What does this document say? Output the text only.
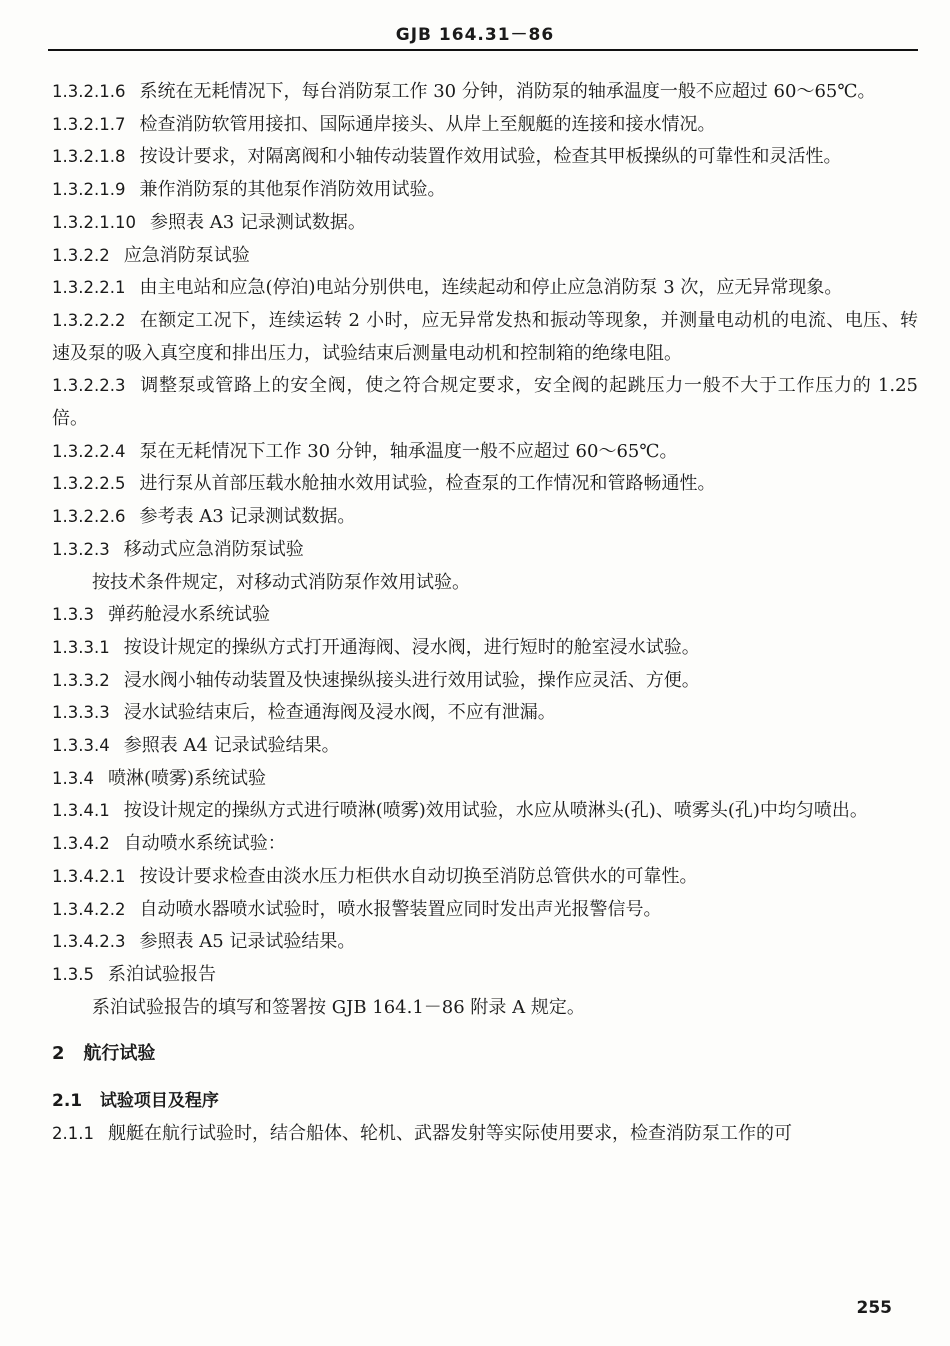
GJB 164.31－86

1.3.2.1.6 系统在无耗情况下，每台消防泵工作 30 分钟，消防泵的轴承温度一般不应超过 60～65℃。

1.3.2.1.7 检查消防软管用接扣、国际通岸接头、从岸上至舰艇的连接和接水情况。

1.3.2.1.8 按设计要求，对隔离阀和小轴传动装置作效用试验，检查其甲板操纵的可靠性和灵活性。

1.3.2.1.9 兼作消防泵的其他泵作消防效用试验。

1.3.2.1.10 参照表 A3 记录测试数据。

1.3.2.2 应急消防泵试验

1.3.2.2.1 由主电站和应急(停泊)电站分别供电，连续起动和停止应急消防泵 3 次，应无异常现象。

1.3.2.2.2 在额定工况下，连续运转 2 小时，应无异常发热和振动等现象，并测量电动机的电流、电压、转速及泵的吸入真空度和排出压力，试验结束后测量电动机和控制箱的绝缘电阻。

1.3.2.2.3 调整泵或管路上的安全阀，使之符合规定要求，安全阀的起跳压力一般不大于工作压力的 1.25 倍。

1.3.2.2.4 泵在无耗情况下工作 30 分钟，轴承温度一般不应超过 60～65℃。

1.3.2.2.5 进行泵从首部压载水舱抽水效用试验，检查泵的工作情况和管路畅通性。

1.3.2.2.6 参考表 A3 记录测试数据。

1.3.2.3 移动式应急消防泵试验

按技术条件规定，对移动式消防泵作效用试验。

1.3.3 弹药舱浸水系统试验

1.3.3.1 按设计规定的操纵方式打开通海阀、浸水阀，进行短时的舱室浸水试验。

1.3.3.2 浸水阀小轴传动装置及快速操纵接头进行效用试验，操作应灵活、方便。

1.3.3.3 浸水试验结束后，检查通海阀及浸水阀，不应有泄漏。

1.3.3.4 参照表 A4 记录试验结果。

1.3.4 喷淋(喷雾)系统试验

1.3.4.1 按设计规定的操纵方式进行喷淋(喷雾)效用试验，水应从喷淋头(孔)、喷雾头(孔)中均匀喷出。

1.3.4.2 自动喷水系统试验：

1.3.4.2.1 按设计要求检查由淡水压力柜供水自动切换至消防总管供水的可靠性。

1.3.4.2.2 自动喷水器喷水试验时，喷水报警装置应同时发出声光报警信号。

1.3.4.2.3 参照表 A5 记录试验结果。

1.3.5 系泊试验报告

系泊试验报告的填写和签署按 GJB 164.1－86 附录 A 规定。

2 航行试验
2.1 试验项目及程序

2.1.1 舰艇在航行试验时，结合船体、轮机、武器发射等实际使用要求，检查消防泵工作的可

255
